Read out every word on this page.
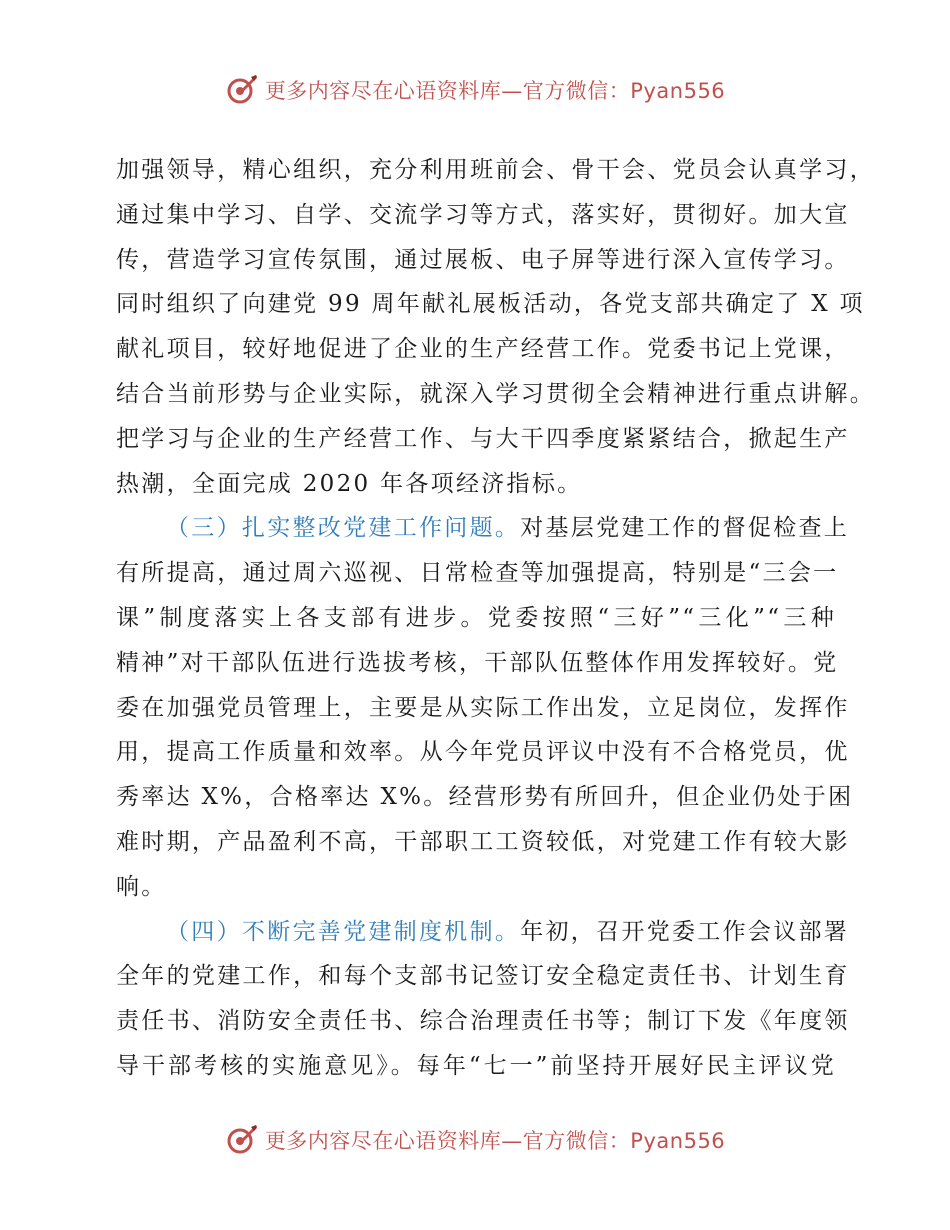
更多内容尽在心语资料库—官方微信：Pyan556
加强领导，精心组织，充分利用班前会、骨干会、党员会认真学习，
通过集中学习、自学、交流学习等方式，落实好，贯彻好。加大宣
传，营造学习宣传氛围，通过展板、电子屏等进行深入宣传学习。
同时组织了向建党 99 周年献礼展板活动，各党支部共确定了 X 项
献礼项目，较好地促进了企业的生产经营工作。党委书记上党课，
结合当前形势与企业实际，就深入学习贯彻全会精神进行重点讲解。
把学习与企业的生产经营工作、与大干四季度紧紧结合，掀起生产
热潮，全面完成 2020 年各项经济指标。
（三）扎实整改党建工作问题。对基层党建工作的督促检查上
有所提高，通过周六巡视、日常检查等加强提高，特别是“三会一
课”制度落实上各支部有进步。党委按照“三好”“三化”“三种
精神”对干部队伍进行选拔考核，干部队伍整体作用发挥较好。党
委在加强党员管理上，主要是从实际工作出发，立足岗位，发挥作
用，提高工作质量和效率。从今年党员评议中没有不合格党员，优
秀率达 X%，合格率达 X%。经营形势有所回升，但企业仍处于困
难时期，产品盈利不高，干部职工工资较低，对党建工作有较大影
响。
（四）不断完善党建制度机制。年初，召开党委工作会议部署
全年的党建工作，和每个支部书记签订安全稳定责任书、计划生育
责任书、消防安全责任书、综合治理责任书等；制订下发《年度领
导干部考核的实施意见》。每年“七一”前坚持开展好民主评议党
更多内容尽在心语资料库—官方微信：Pyan556
